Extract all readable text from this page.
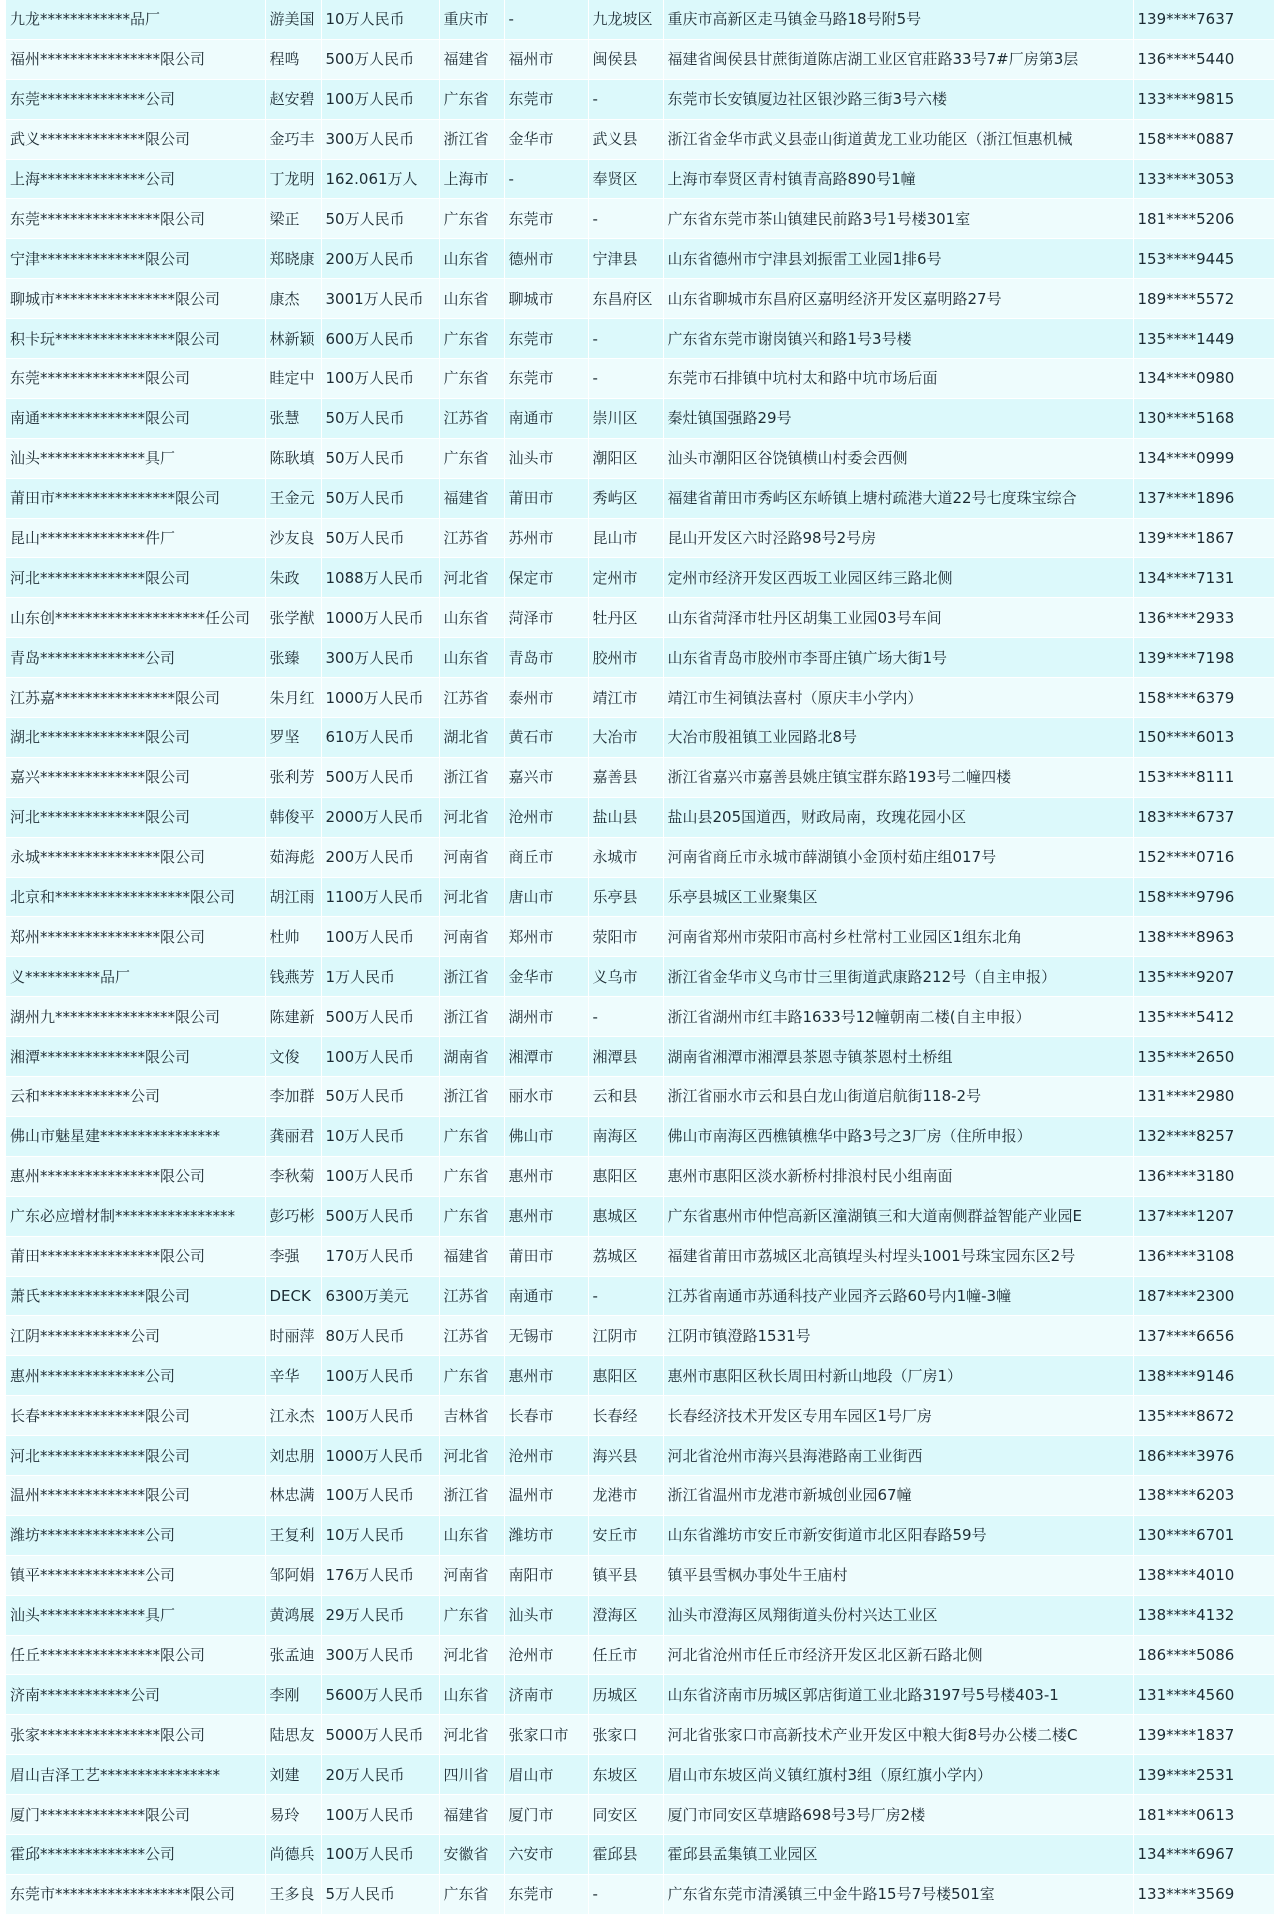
九龙************品厂	游美国	10万人民币	重庆市	-	九龙坡区	重庆市高新区走马镇金马路18号附5号	139****7637
福州****************限公司	程鸣	500万人民币	福建省	福州市	闽侯县	福建省闽侯县甘蔗街道陈店湖工业区官莊路33号7#厂房第3层	136****5440
东莞**************公司	赵安碧	100万人民币	广东省	东莞市	-	东莞市长安镇厦边社区银沙路三街3号六楼	133****9815
武义**************限公司	金巧丰	300万人民币	浙江省	金华市	武义县	浙江省金华市武义县壶山街道黄龙工业功能区（浙江恒惠机械	158****0887
上海**************公司	丁龙明	162.061万人	上海市	-	奉贤区	上海市奉贤区青村镇青高路890号1幢	133****3053
东莞****************限公司	梁正	50万人民币	广东省	东莞市	-	广东省东莞市茶山镇建民前路3号1号楼301室	181****5206
宁津**************限公司	郑晓康	200万人民币	山东省	德州市	宁津县	山东省德州市宁津县刘振雷工业园1排6号	153****9445
聊城市****************限公司	康杰	3001万人民币	山东省	聊城市	东昌府区	山东省聊城市东昌府区嘉明经济开发区嘉明路27号	189****5572
积卡玩****************限公司	林新颖	600万人民币	广东省	东莞市	-	广东省东莞市谢岗镇兴和路1号3号楼	135****1449
东莞**************限公司	眭定中	100万人民币	广东省	东莞市	-	东莞市石排镇中坑村太和路中坑市场后面	134****0980
南通**************限公司	张慧	50万人民币	江苏省	南通市	崇川区	秦灶镇国强路29号	130****5168
汕头**************具厂	陈耿填	50万人民币	广东省	汕头市	潮阳区	汕头市潮阳区谷饶镇横山村委会西侧	134****0999
莆田市****************限公司	王金元	50万人民币	福建省	莆田市	秀屿区	福建省莆田市秀屿区东峤镇上塘村疏港大道22号七度珠宝综合	137****1896
昆山**************件厂	沙友良	50万人民币	江苏省	苏州市	昆山市	昆山开发区六时泾路98号2号房	139****1867
河北**************限公司	朱政	1088万人民币	河北省	保定市	定州市	定州市经济开发区西坂工业园区纬三路北侧	134****7131
山东创********************任公司	张学猷	1000万人民币	山东省	菏泽市	牡丹区	山东省菏泽市牡丹区胡集工业园03号车间	136****2933
青岛**************公司	张臻	300万人民币	山东省	青岛市	胶州市	山东省青岛市胶州市李哥庄镇广场大街1号	139****7198
江苏嘉****************限公司	朱月红	1000万人民币	江苏省	泰州市	靖江市	靖江市生祠镇法喜村（原庆丰小学内）	158****6379
湖北**************限公司	罗坚	610万人民币	湖北省	黄石市	大冶市	大冶市殷祖镇工业园路北8号	150****6013
嘉兴**************限公司	张利芳	500万人民币	浙江省	嘉兴市	嘉善县	浙江省嘉兴市嘉善县姚庄镇宝群东路193号二幢四楼	153****8111
河北**************限公司	韩俊平	2000万人民币	河北省	沧州市	盐山县	盐山县205国道西，财政局南，玫瑰花园小区	183****6737
永城****************限公司	茹海彪	200万人民币	河南省	商丘市	永城市	河南省商丘市永城市薛湖镇小金顶村茹庄组017号	152****0716
北京和******************限公司	胡江雨	1100万人民币	河北省	唐山市	乐亭县	乐亭县城区工业聚集区	158****9796
郑州****************限公司	杜帅	100万人民币	河南省	郑州市	荥阳市	河南省郑州市荥阳市高村乡杜常村工业园区1组东北角	138****8963
义**********品厂	钱燕芳	1万人民币	浙江省	金华市	义乌市	浙江省金华市义乌市廿三里街道武康路212号（自主申报）	135****9207
湖州九****************限公司	陈建新	500万人民币	浙江省	湖州市	-	浙江省湖州市红丰路1633号12幢朝南二楼(自主申报）	135****5412
湘潭**************限公司	文俊	100万人民币	湖南省	湘潭市	湘潭县	湖南省湘潭市湘潭县茶恩寺镇茶恩村土桥组	135****2650
云和************公司	李加群	50万人民币	浙江省	丽水市	云和县	浙江省丽水市云和县白龙山街道启航街118-2号	131****2980
佛山市魅星建****************	龚丽君	10万人民币	广东省	佛山市	南海区	佛山市南海区西樵镇樵华中路3号之3厂房（住所申报）	132****8257
惠州****************限公司	李秋菊	100万人民币	广东省	惠州市	惠阳区	惠州市惠阳区淡水新桥村排浪村民小组南面	136****3180
广东必应增材制****************	彭巧彬	500万人民币	广东省	惠州市	惠城区	广东省惠州市仲恺高新区潼湖镇三和大道南侧群益智能产业园E	137****1207
莆田****************限公司	李强	170万人民币	福建省	莆田市	荔城区	福建省莆田市荔城区北高镇埕头村埕头1001号珠宝园东区2号	136****3108
萧氏**************限公司	DECK	6300万美元	江苏省	南通市	-	江苏省南通市苏通科技产业园齐云路60号内1幢-3幢	187****2300
江阴************公司	时丽萍	80万人民币	江苏省	无锡市	江阴市	江阴市镇澄路1531号	137****6656
惠州**************公司	辛华	100万人民币	广东省	惠州市	惠阳区	惠州市惠阳区秋长周田村新山地段（厂房1）	138****9146
长春**************限公司	江永杰	100万人民币	吉林省	长春市	长春经	长春经济技术开发区专用车园区1号厂房	135****8672
河北**************限公司	刘忠朋	1000万人民币	河北省	沧州市	海兴县	河北省沧州市海兴县海港路南工业街西	186****3976
温州**************限公司	林忠满	100万人民币	浙江省	温州市	龙港市	浙江省温州市龙港市新城创业园67幢	138****6203
潍坊**************公司	王复利	10万人民币	山东省	潍坊市	安丘市	山东省潍坊市安丘市新安街道市北区阳春路59号	130****6701
镇平**************公司	邹阿娟	176万人民币	河南省	南阳市	镇平县	镇平县雪枫办事处牛王庙村	138****4010
汕头**************具厂	黄鸿展	29万人民币	广东省	汕头市	澄海区	汕头市澄海区凤翔街道头份村兴达工业区	138****4132
任丘****************限公司	张孟迪	300万人民币	河北省	沧州市	任丘市	河北省沧州市任丘市经济开发区北区新石路北侧	186****5086
济南************公司	李刚	5600万人民币	山东省	济南市	历城区	山东省济南市历城区郭店街道工业北路3197号5号楼403-1	131****4560
张家****************限公司	陆思友	5000万人民币	河北省	张家口市	张家口	河北省张家口市高新技术产业开发区中粮大街8号办公楼二楼C	139****1837
眉山吉泽工艺****************	刘建	20万人民币	四川省	眉山市	东坡区	眉山市东坡区尚义镇红旗村3组（原红旗小学内）	139****2531
厦门**************限公司	易玲	100万人民币	福建省	厦门市	同安区	厦门市同安区草塘路698号3号厂房2楼	181****0613
霍邱**************公司	尚德兵	100万人民币	安徽省	六安市	霍邱县	霍邱县孟集镇工业园区	134****6967
东莞市******************限公司	王多良	5万人民币	广东省	东莞市	-	广东省东莞市清溪镇三中金牛路15号7号楼501室	133****3569
